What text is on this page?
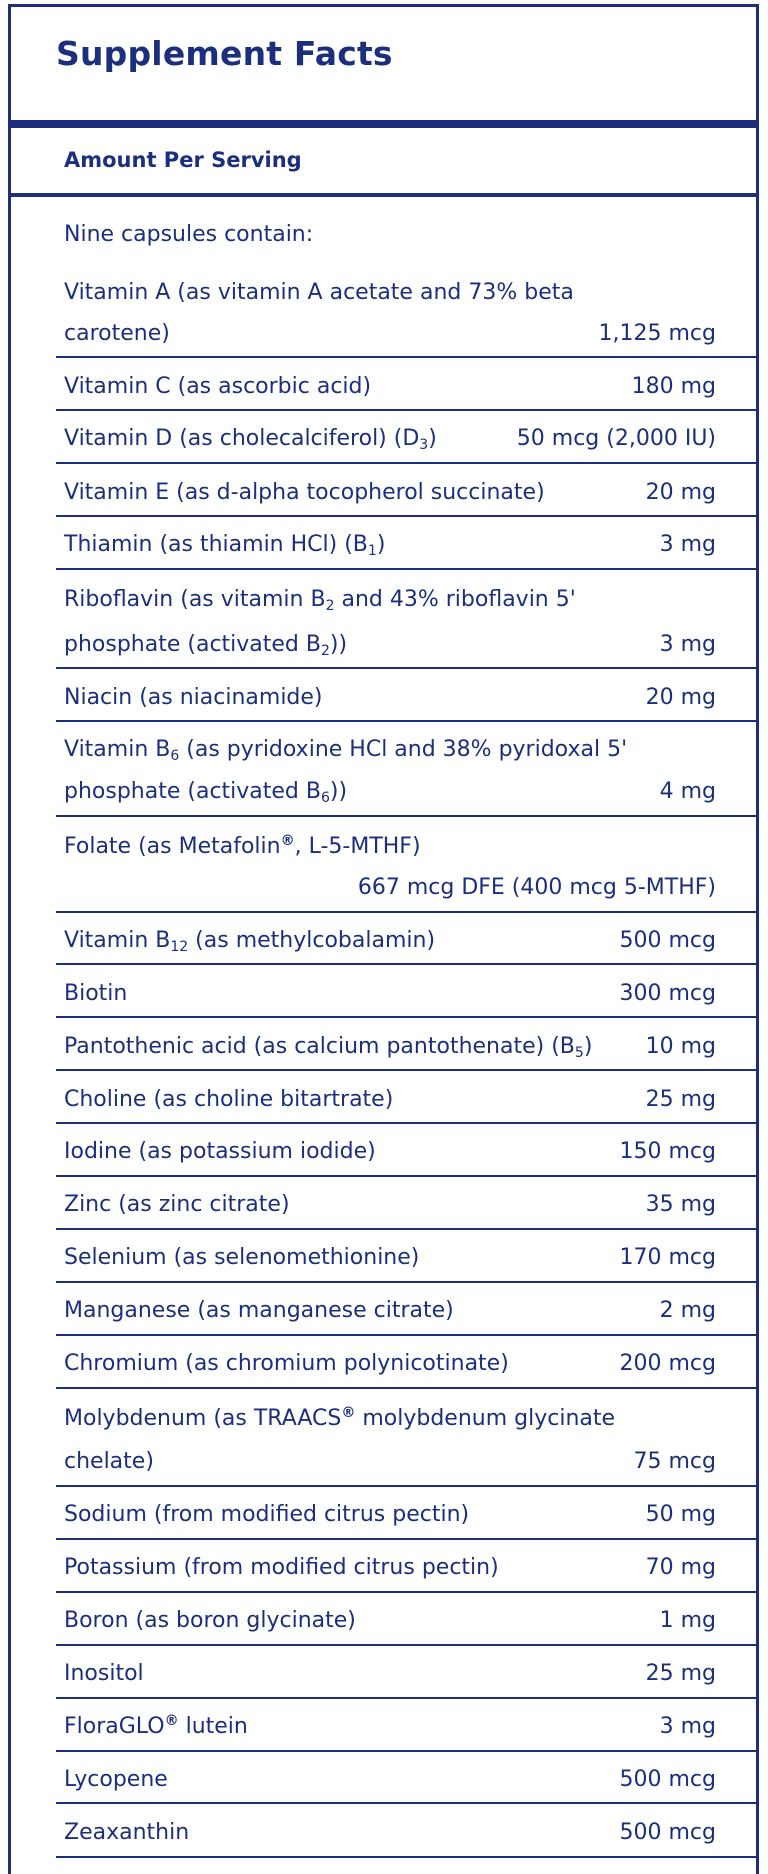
Supplement Facts
Amount Per Serving
Nine capsules contain:
Vitamin A (as vitamin A acetate and 73% beta
carotene)	1,125 mcg
Vitamin C (as ascorbic acid)	180 mg
Vitamin D (as cholecalciferol) $(D_3)$	50 mcg (2,000 IU)
Vitamin E (as d-alpha tocopherol succinate)	20 mg
Thiamin (as thiamin HCl) $(B_1)$	3 mg
Riboflavin (as vitamin $B_2$ and 43% riboflavin 5'
phosphate (activated $B_2$))	3 mg
Niacin (as niacinamide)	20 mg
Vitamin $B_6$ (as pyridoxine HCl and 38% pyridoxal 5'
phosphate (activated $B_6$))	4 mg
Folate (as Metafolin®, L-5-MTHF)
667 mcg DFE (400 mcg 5-MTHF)
Vitamin $B_{12}$ (as methylcobalamin)	500 mcg
Biotin	300 mcg
Pantothenic acid (as calcium pantothenate) $(B_5)$ 10 mg
Choline (as choline bitartrate)	25 mg
Iodine (as potassium iodide)	150 mcg
Zinc (as zinc citrate)	35 mg
Selenium (as selenomethionine)	170 mcg
Manganese (as manganese citrate)	2 mg
Chromium (as chromium polynicotinate)	200 mcg
Molybdenum (as TRAACS® molybdenum glycinate
chelate)	75 mcg
Sodium (from modified citrus pectin)	50 mg
Potassium (from modified citrus pectin)	70 mg
Boron (as boron glycinate)	1 mg
Inositol	25 mg
FloraGLO® lutein	3 mg
Lycopene	500 mcg
Zeaxanthin	500 mcg
